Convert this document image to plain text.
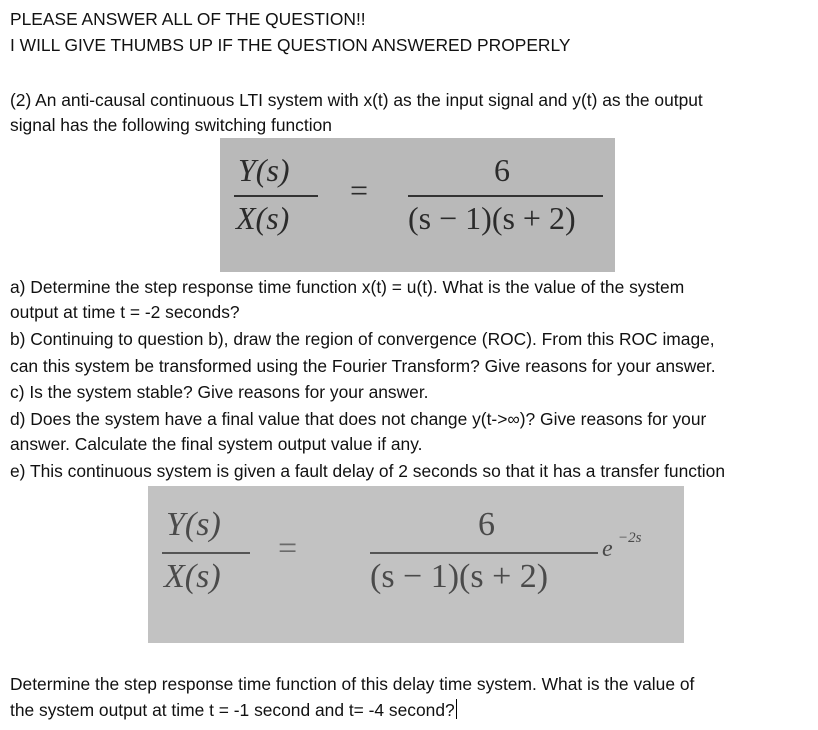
PLEASE ANSWER ALL OF THE QUESTION!!
I WILL GIVE THUMBS UP IF THE QUESTION ANSWERED PROPERLY
(2) An anti-causal continuous LTI system with x(t) as the input signal and y(t) as the output
signal has the following switching function
Y(s)
X(s)
=
6
(s − 1)(s + 2)
a) Determine the step response time function x(t) = u(t). What is the value of the system
output at time t = -2 seconds?
b) Continuing to question b), draw the region of convergence (ROC). From this ROC image,
can this system be transformed using the Fourier Transform? Give reasons for your answer.
c) Is the system stable? Give reasons for your answer.
d) Does the system have a final value that does not change y(t->∞)? Give reasons for your
answer. Calculate the final system output value if any.
e) This continuous system is given a fault delay of 2 seconds so that it has a transfer function
Y(s)
X(s)
=
6
(s − 1)(s + 2)
e −2s
Determine the step response time function of this delay time system. What is the value of
the system output at time t = -1 second and t= -4 second?
